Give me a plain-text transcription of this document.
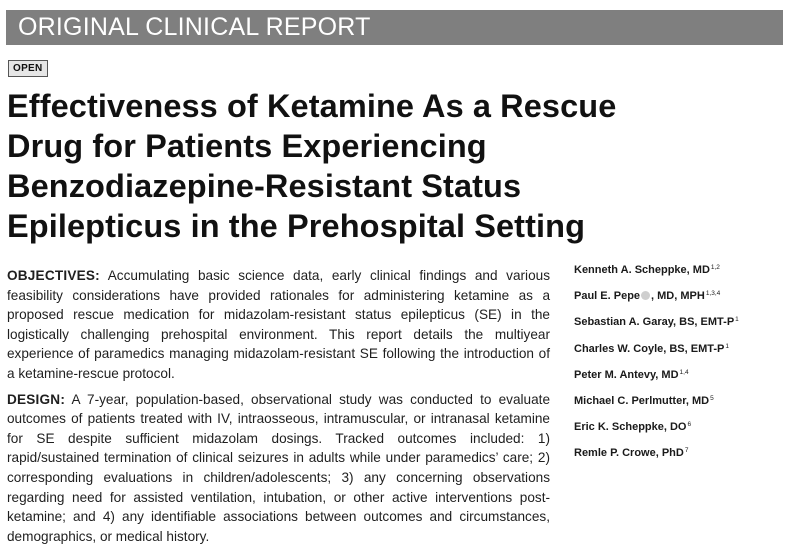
ORIGINAL CLINICAL REPORT
OPEN
Effectiveness of Ketamine As a Rescue
Drug for Patients Experiencing
Benzodiazepine-Resistant Status
Epilepticus in the Prehospital Setting

OBJECTIVES: Accumulating basic science data, early clinical findings and various feasibility considerations have provided rationales for administering ketamine as a proposed rescue medication for midazolam-resistant status epilepticus (SE) in the logistically challenging prehospital environment. This report details the multiyear experience of paramedics managing midazolam-resistant SE following the introduction of a ketamine-rescue protocol.

DESIGN: A 7-year, population-based, observational study was conducted to evaluate outcomes of patients treated with IV, intraosseous, intramuscular, or intranasal ketamine for SE despite sufficient midazolam dosings. Tracked outcomes included: 1) rapid/sustained termination of clinical seizures in adults while under paramedics’ care; 2) corresponding evaluations in children/adolescents; 3) any concerning observations regarding need for assisted ventilation, intubation, or other active interventions post-ketamine; and 4) any identifiable associations between outcomes and circumstances, demographics, or medical history.

Kenneth A. Scheppke, MD$^{1,2}$
Paul E. Pepe , MD, MPH$^{1,3,4}$
Sebastian A. Garay, BS, EMT-$P^1$
Charles W. Coyle, BS, EMT-$P^1$
Peter M. Antevy, MD$^{1,4}$
Michael C. Perlmutter, $MD^5$
Eric K. Scheppke, $DO^6$
Remle P. Crowe, PhD$^7$
